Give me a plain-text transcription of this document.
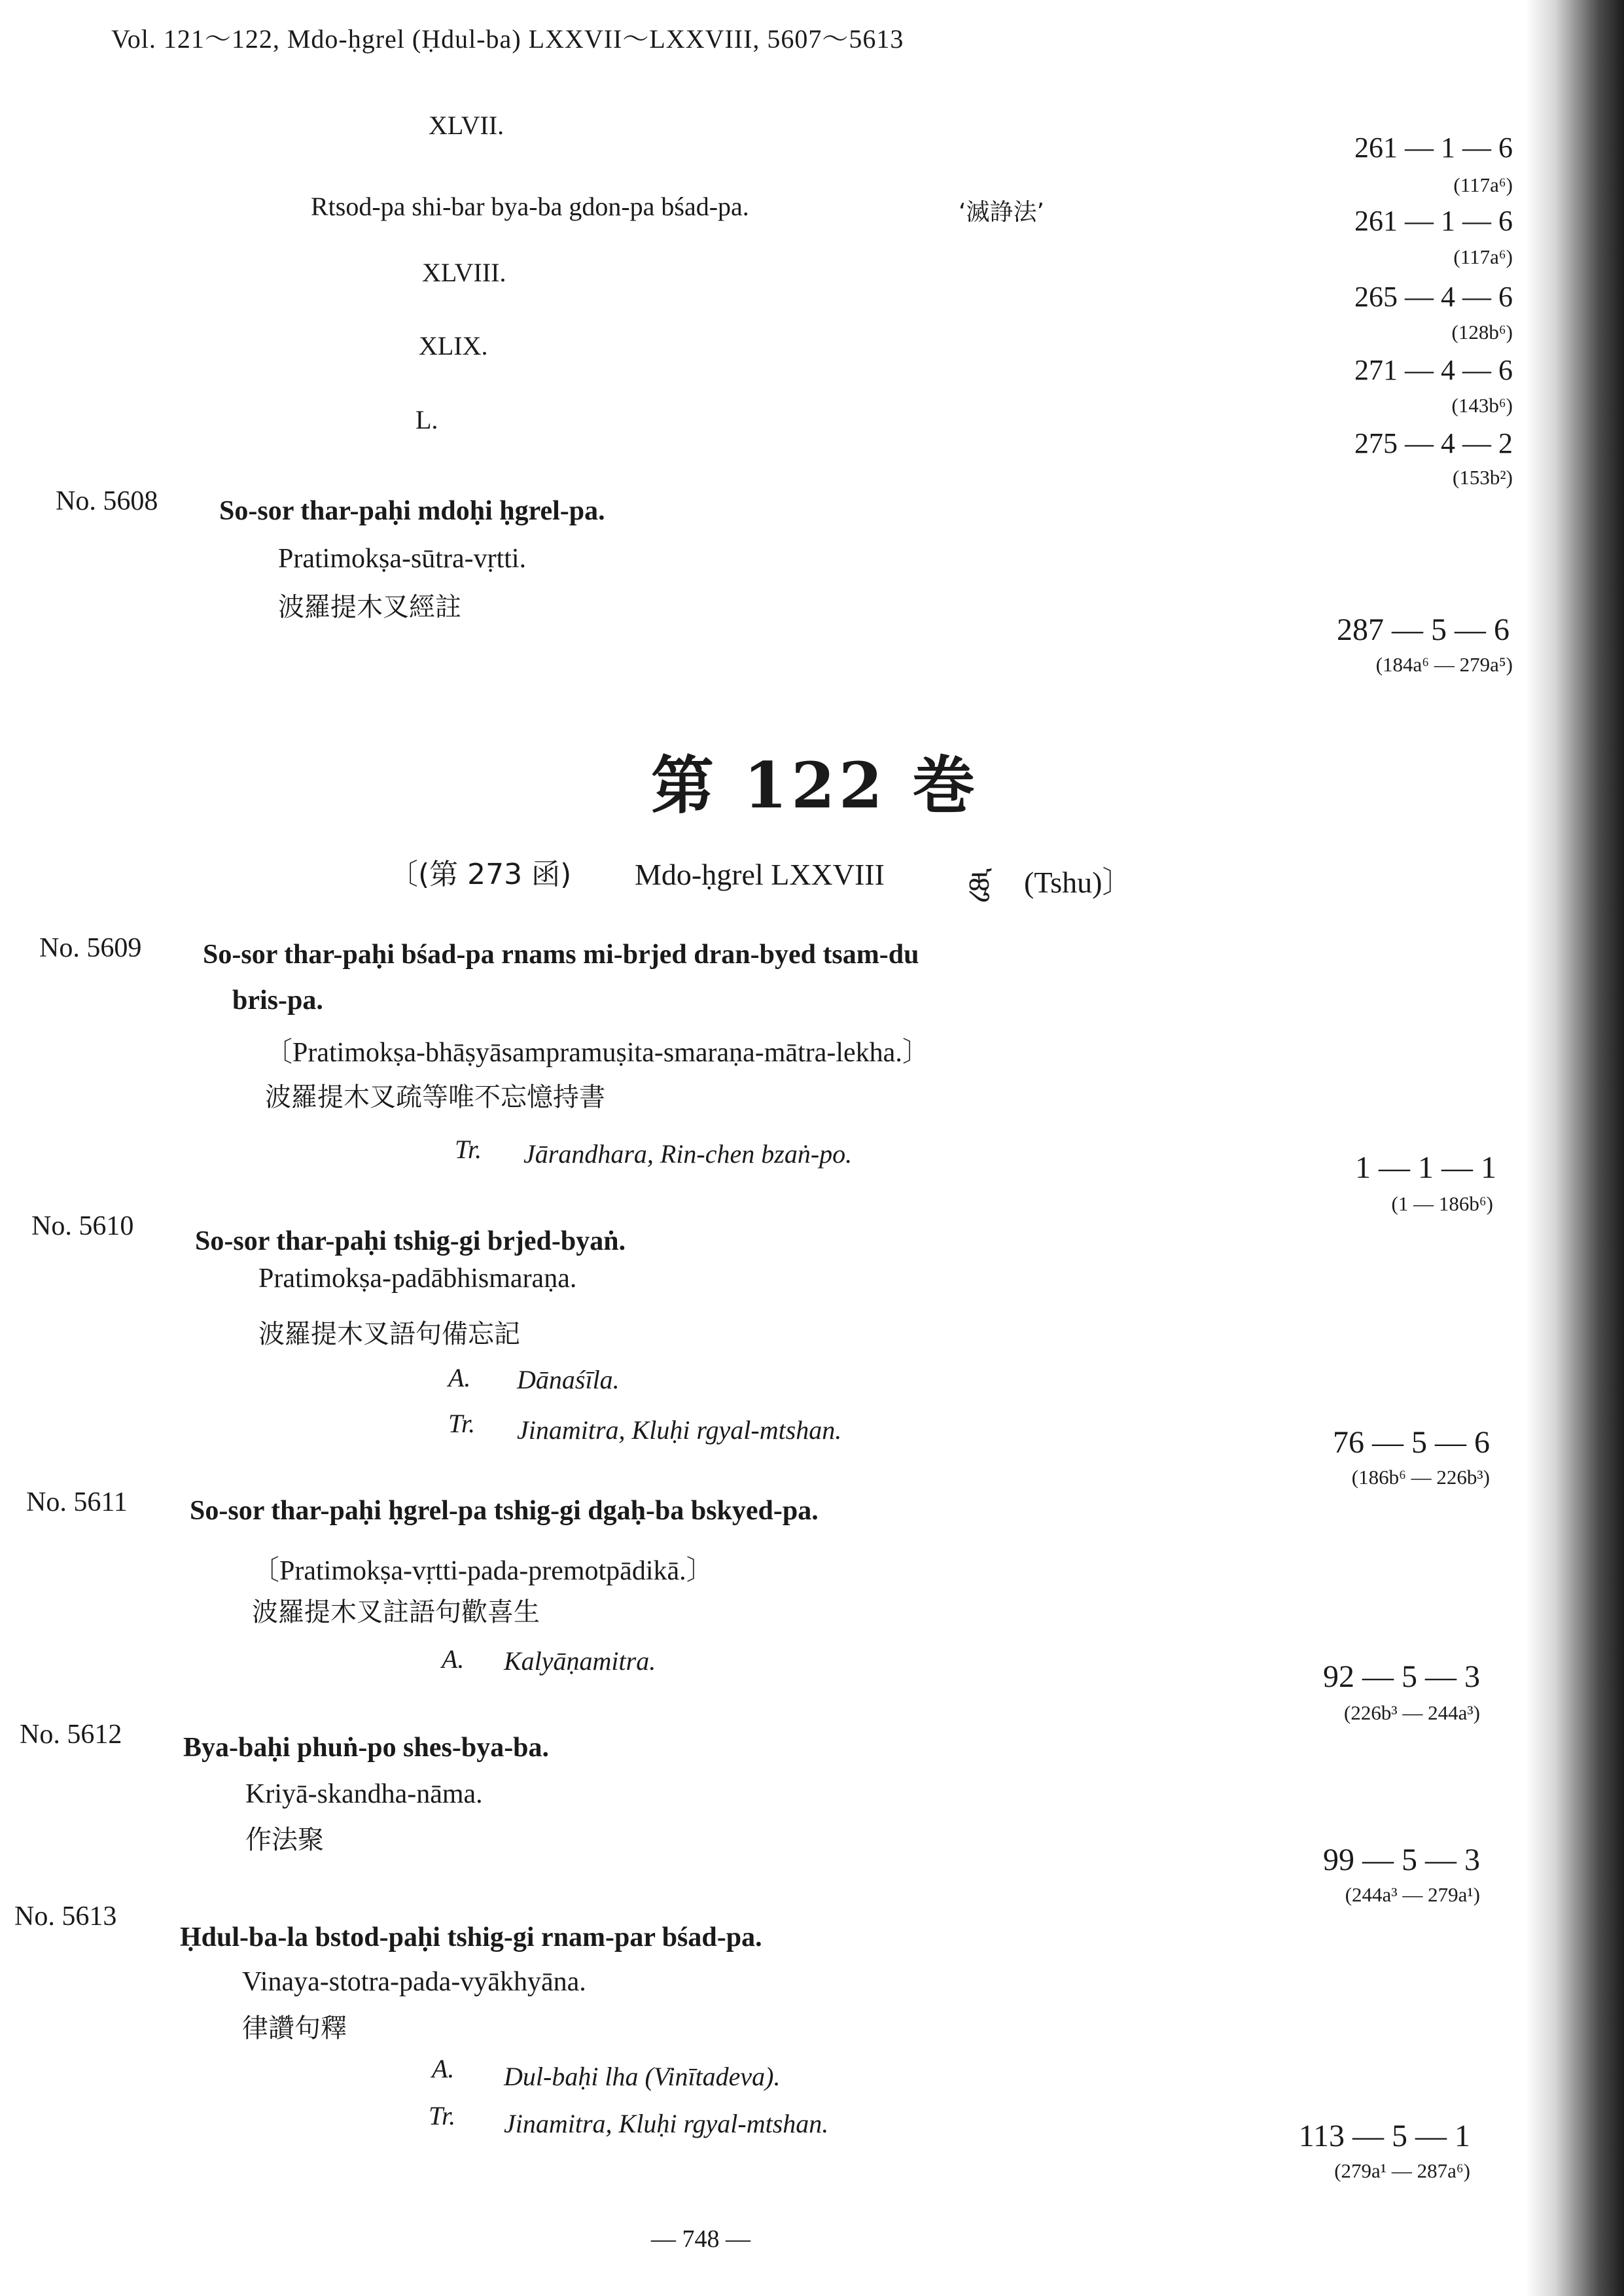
Vol. 121〜122, Mdo-ḥgrel (Ḥdul-ba) LXXVII〜LXXVIII, 5607〜5613
XLVII.
261 — 1 — 6
(117a⁶)
Rtsod-pa shi-bar bya-ba gdon-pa bśad-pa.	‘滅諍法’	261 — 1 — 6
(117a⁶)
XLVIII.
265 — 4 — 6
(128b⁶)
XLIX.
271 — 4 — 6
(143b⁶)
L.
275 — 4 — 2
(153b²)
No. 5608 So-sor thar-paḥi mdoḥi ḥgrel-pa.
Pratimokṣa-sūtra-vṛtti.
波羅提木叉經註
287 — 5 — 6
(184a⁶ — 279a⁵)
第 122 巻
〔(第 273 函) Mdo-ḥgrel LXXVIII	ཚུ (Tshu)〕
No. 5609 So-sor thar-paḥi bśad-pa rnams mi-brjed dran-byed tsam-du
bris-pa.
〔Pratimokṣa-bhāṣyāsampramuṣita-smaraṇa-mātra-lekha.〕
波羅提木叉疏等唯不忘憶持書
Tr. Jārandhara, Rin-chen bzaṅ-po.	1 — 1 — 1
(1 — 186b⁶)
No. 5610 So-sor thar-paḥi tshig-gi brjed-byaṅ.
Pratimokṣa-padābhismaraṇa.
波羅提木叉語句備忘記
A. Dānaśīla.
Tr. Jinamitra, Kluḥi rgyal-mtshan.	76 — 5 — 6
(186b⁶ — 226b³)
No. 5611 So-sor thar-paḥi ḥgrel-pa tshig-gi dgaḥ-ba bskyed-pa.
〔Pratimokṣa-vṛtti-pada-premotpādikā.〕
波羅提木叉註語句歡喜生
A. Kalyāṇamitra.	92 — 5 — 3
(226b³ — 244a³)
No. 5612 Bya-baḥi phuṅ-po shes-bya-ba.
Kriyā-skandha-nāma.
作法聚
99 — 5 — 3
(244a³ — 279a¹)
No. 5613
Ḥdul-ba-la bstod-paḥi tshig-gi rnam-par bśad-pa.
Vinaya-stotra-pada-vyākhyāna.
律讚句釋
A. Dul-baḥi lha (Vinītadeva).
Tr. Jinamitra, Kluḥi rgyal-mtshan.	113 — 5 — 1
(279a¹ — 287a⁶)
— 748 —
